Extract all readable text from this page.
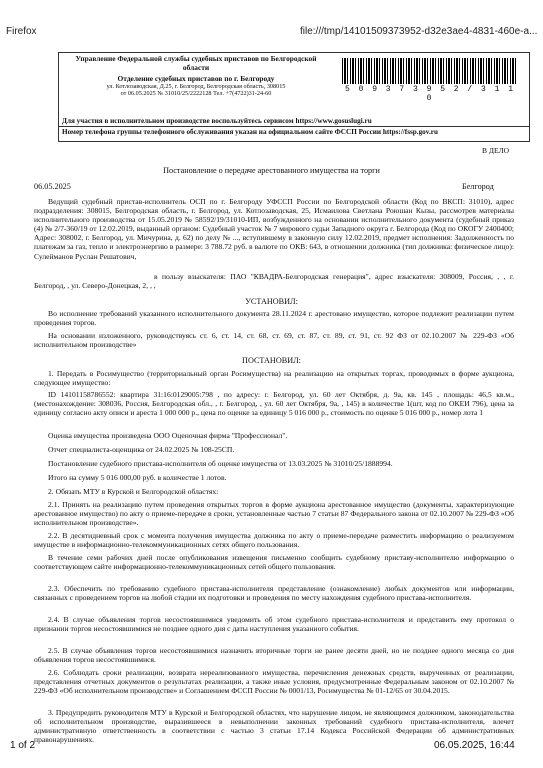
Firefox	file:///tmp/14101509373952-d32e3ae4-4831-460e-a...
Управление Федеральной службы судебных приставов по Белгородской области
Отделение судебных приставов по г. Белгороду
ул. Котлозаводская, Д.25, г. Белгород, Белгородская область, 308015
от 06.05.2025 № 31010/25/2222128 Тел. +7(4722)31-24-60	5 0 9 3 7 3 9 5 2 / 3 1 1 0
Для участия в исполнительном производстве воспользуйтесь сервисом https://www.gosuslugi.ru
Номер телефона группы телефонного обслуживания указан на официальном сайте ФССП России https://fssp.gov.ru
В ДЕЛО
Постановление о передаче арестованного имущества на торги
06.05.2025	Белгород
Ведущий судебный пристав-исполнитель ОСП по г. Белгороду УФССП России по Белгородской области (Код по ВКСП: 31010), адрес подразделения: 308015, Белгородская область, г. Белгород, ул. Котлозаводская, 25, Исмаилова Светлана Роюшан Кызы, рассмотрев материалы исполнительного производства от 15.05.2019 № 58592/19/31010-ИП, возбужденного на основании исполнительного документа (судебный приказ (4) № 2/7-360/19 от 12.02.2019, выданный органом: Судебный участок № 7 мирового судьи Западного округа г. Белгорода (Код по ОКОГУ 2400400; Адрес: 308002, г. Белгород, ул. Мичурина, д. 62) по делу № ..., вступившему в законную силу 12.02.2019, предмет исполнения: Задолженность по платежам за газ, тепло и электроэнергию в размере: 3 788.72 руб. в валюте по ОКВ: 643, в отношении должника (тип должника: физическое лицо): Сулейманов Руслан Решатович,
в пользу взыскателя: ПАО "КВАДРА-Белгородская генерация", адрес взыскателя: 308009, Россия, , , г. Белгород, , ул. Северо-Донецкая, 2, , ,
УСТАНОВИЛ:
Во исполнение требований указанного исполнительного документа 28.11.2024 г. арестовано имущество, которое подлежит реализации путем проведения торгов.
На основании изложенного, руководствуясь ст. 6, ст. 14, ст. 68, ст. 69, ст. 87, ст. 89, ст. 91, ст. 92 ФЗ от 02.10.2007 № 229-ФЗ «Об исполнительном производстве»
ПОСТАНОВИЛ:
1. Передать в Росимущество (территориальный орган Росимущества) на реализацию на открытых торгах, проводимых в форме аукциона, следующее имущество:
ID 14101158786552: квартира 31:16:0129005:798 , по адресу: г. Белгород, ул. 60 лет Октября, д. 9а, кв. 145 , площадь: 46,5 кв.м., (местонахождение: 308036, Россия, Белгородская обл., , г. Белгород, , ул. 60 лет Октября, 9а, , 145) в количестве 1(шт, код по ОКЕИ 796), цена за единицу согласно акту описи и ареста 1 000 000 р., цена по оценке за единицу 5 016 000 р., стоимость по оценке 5 016 000 р., номер лота 1
Оценка имущества произведена ООО Оценочная фирма "Профессионал".
Отчет специалиста-оценщика от 24.02.2025 № 108-25СП.
Постановление судебного пристава-исполнителя об оценке имущества от 13.03.2025 № 31010/25/1888994.
Итого на сумму 5 016 000,00 руб. в количестве 1 лотов.
2. Обязать МТУ в Курской и Белгородской областях:
2.1. Принять на реализацию путем проведения открытых торгов в форме аукциона арестованное имущество (документы, характеризующие арестованное имущество) по акту о приеме-передаче в сроки, установленные частью 7 статьи 87 Федерального закона от 02.10.2007 № 229-ФЗ «Об исполнительном производстве».
2.2. В десятидневный срок с момента получения имущества должника по акту о приеме-передаче разместить информацию о реализуемом имуществе в информационно-телекоммуникационных сетях общего пользования.
В течение семи рабочих дней после опубликования извещения письменно сообщить судебному приставу-исполнителю информацию о соответствующем сайте информационно-телекоммуникационных сетей общего пользования.
2.3. Обеспечить по требованию судебного пристава-исполнителя представление (ознакомление) любых документов или информации, связанных с проведением торгов на любой стадии их подготовки и проведения по месту нахождения судебного пристава-исполнителя.
2.4. В случае объявления торгов несостоявшимися уведомить об этом судебного пристава-исполнителя и представить ему протокол о признании торгов несостоявшимися не позднее одного дня с даты наступления указанного события.
2.5. В случае объявления торгов несостоявшимися назначить вторичные торги не ранее десяти дней, но не позднее одного месяца со дня объявления торгов несостоявшимися.
2.6. Соблюдать сроки реализации, возврата нереализованного имущества, перечисления денежных средств, вырученных от реализации, представления отчетных документов о результатах реализации, а также иные условия, предусмотренные Федеральным законом от 02.10.2007 № 229-ФЗ «Об исполнительном производстве» и Соглашением ФССП России № 0001/13, Росимущества № 01-12/65 от 30.04.2015.
3. Предупредить руководителя МТУ в Курской и Белгородской областях, что нарушение лицом, не являющимся должником, законодательства об исполнительном производстве, выразившееся в невыполнении законных требований судебного пристава-исполнителя, влечет административную ответственность в соответствии с частью 3 статьи 17.14 Кодекса Российской Федерации об административных правонарушениях.
1 of 2	06.05.2025, 16:44
